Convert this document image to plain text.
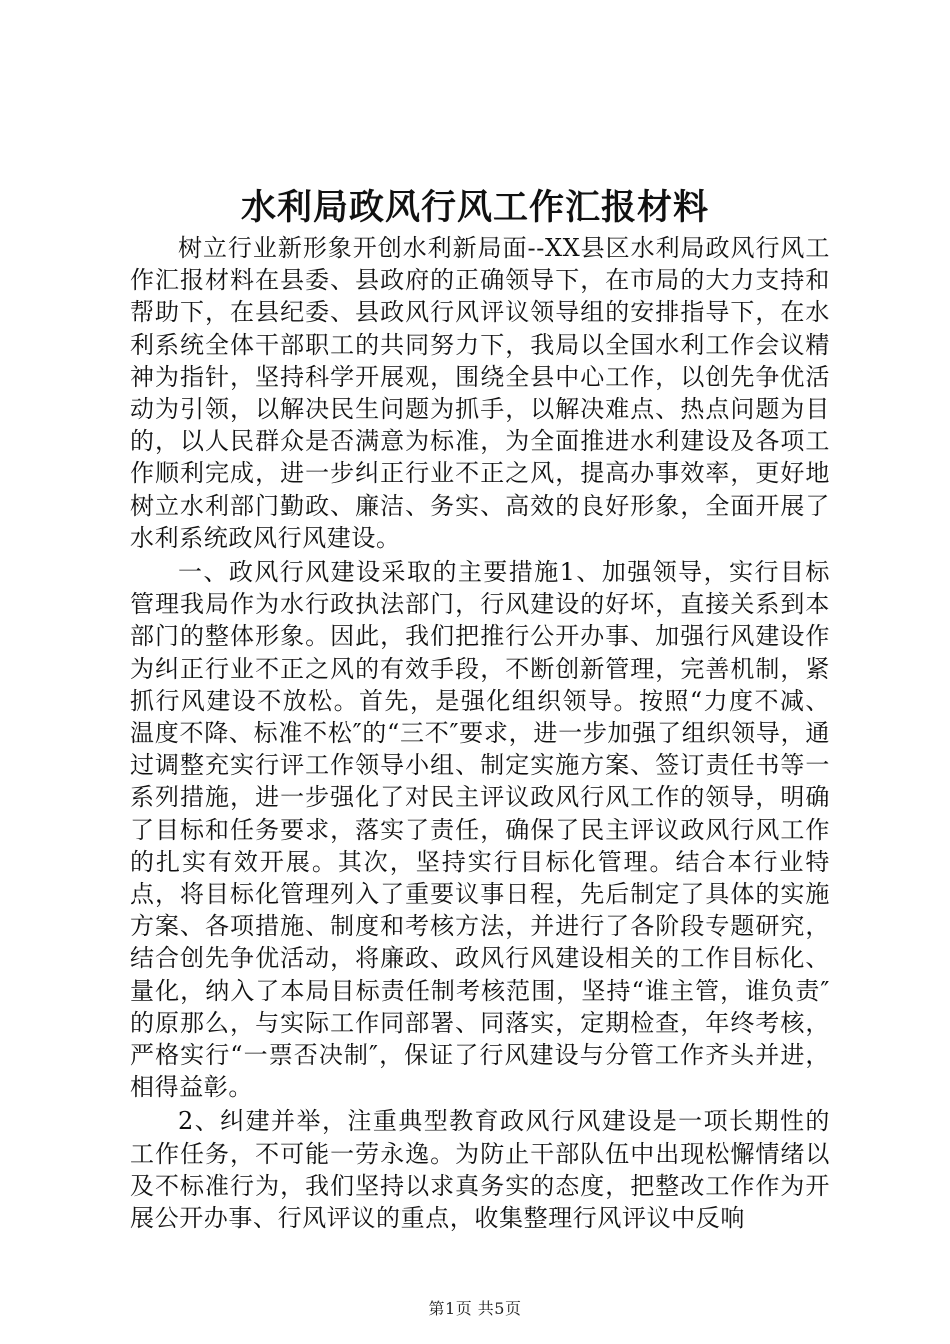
水利局政风行风工作汇报材料

树立行业新形象开创水利新局面--XX县区水利局政风行风工作汇报材料在县委、县政府的正确领导下，在市局的大力支持和帮助下，在县纪委、县政风行风评议领导组的安排指导下，在水利系统全体干部职工的共同努力下，我局以全国水利工作会议精神为指针，坚持科学开展观，围绕全县中心工作，以创先争优活动为引领，以解决民生问题为抓手，以解决难点、热点问题为目的，以人民群众是否满意为标准，为全面推进水利建设及各项工作顺利完成，进一步纠正行业不正之风，提高办事效率，更好地树立水利部门勤政、廉洁、务实、高效的良好形象，全面开展了水利系统政风行风建设。

一、政风行风建设采取的主要措施1、加强领导，实行目标管理我局作为水行政执法部门，行风建设的好坏，直接关系到本部门的整体形象。因此，我们把推行公开办事、加强行风建设作为纠正行业不正之风的有效手段，不断创新管理，完善机制，紧抓行风建设不放松。首先，是强化组织领导。按照“力度不减、温度不降、标准不松″的“三不″要求，进一步加强了组织领导，通过调整充实行评工作领导小组、制定实施方案、签订责任书等一系列措施，进一步强化了对民主评议政风行风工作的领导，明确了目标和任务要求，落实了责任，确保了民主评议政风行风工作的扎实有效开展。其次，坚持实行目标化管理。结合本行业特点，将目标化管理列入了重要议事日程，先后制定了具体的实施方案、各项措施、制度和考核方法，并进行了各阶段专题研究，结合创先争优活动，将廉政、政风行风建设相关的工作目标化、量化，纳入了本局目标责任制考核范围，坚持“谁主管，谁负责″的原那么，与实际工作同部署、同落实，定期检查，年终考核，严格实行“一票否决制″，保证了行风建设与分管工作齐头并进，相得益彰。

2、纠建并举，注重典型教育政风行风建设是一项长期性的工作任务，不可能一劳永逸。为防止干部队伍中出现松懈情绪以及不标准行为，我们坚持以求真务实的态度，把整改工作作为开展公开办事、行风评议的重点，收集整理行风评议中反响

第1页 共5页
